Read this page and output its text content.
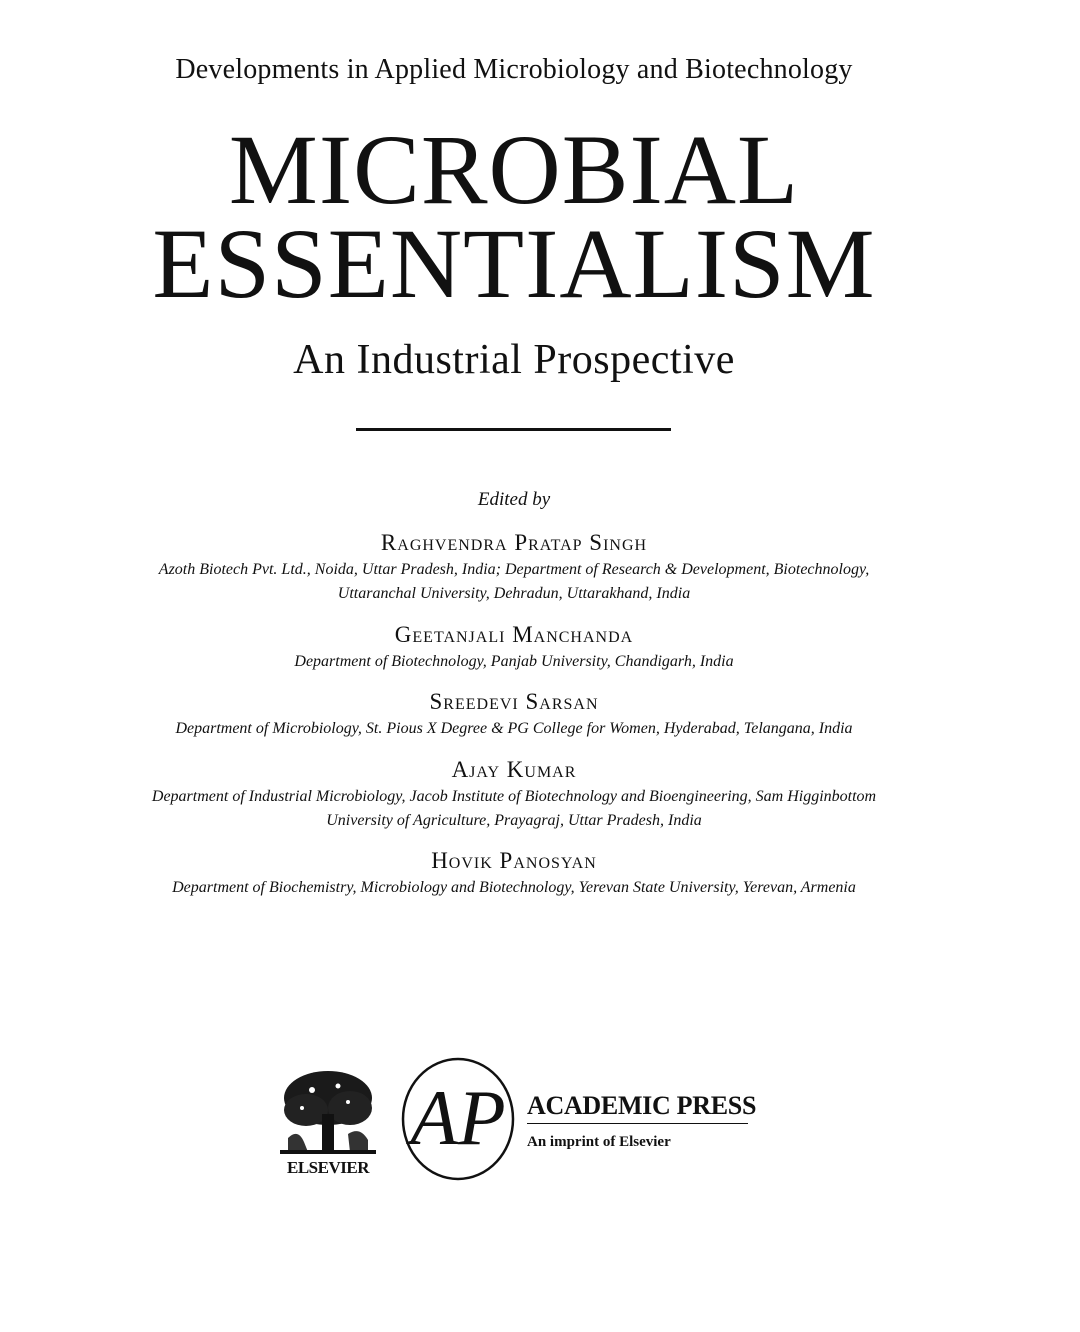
Developments in Applied Microbiology and Biotechnology
MICROBIAL
ESSENTIALISM
An Industrial Prospective
Edited by
Raghvendra Pratap Singh
Azoth Biotech Pvt. Ltd., Noida, Uttar Pradesh, India; Department of Research & Development, Biotechnology,
Uttaranchal University, Dehradun, Uttarakhand, India
Geetanjali Manchanda
Department of Biotechnology, Panjab University, Chandigarh, India
Sreedevi Sarsan
Department of Microbiology, St. Pious X Degree & PG College for Women, Hyderabad, Telangana, India
Ajay Kumar
Department of Industrial Microbiology, Jacob Institute of Biotechnology and Bioengineering, Sam Higginbottom
University of Agriculture, Prayagraj, Uttar Pradesh, India
Hovik Panosyan
Department of Biochemistry, Microbiology and Biotechnology, Yerevan State University, Yerevan, Armenia
ELSEVIER
AP ACADEMIC PRESS
An imprint of Elsevier
